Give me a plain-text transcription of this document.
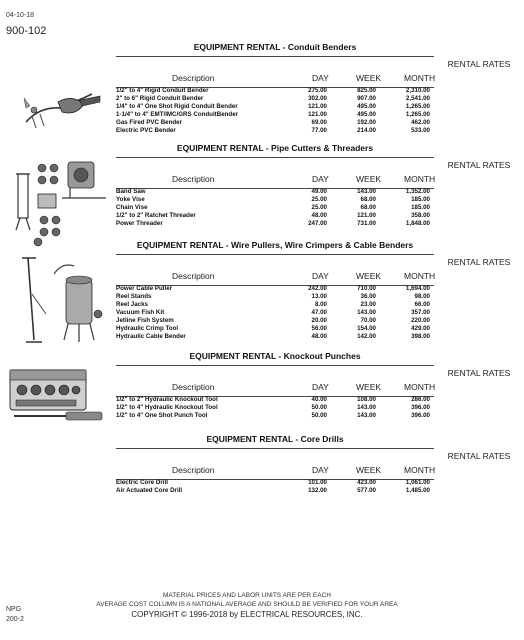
04-10-18
900-102
EQUIPMENT RENTAL - Conduit Benders
RENTAL RATES
Description	DAY	WEEK	MONTH
1/2" to 4" Rigid Conduit Bender	275.00	825.00	2,310.00
2" to 6" Rigid Conduit Bender	302.00	907.00	2,541.00
1/4" to 4" One Shot Rigid Conduit Bender	121.00	495.00	1,265.00
1-1/4" to 4" EMT/IMC/GRS ConduitBender	121.00	495.00	1,265.00
Gas Fired PVC Bender	69.00	192.00	462.00
Electric PVC Bender	77.00	214.00	533.00
EQUIPMENT RENTAL - Pipe Cutters & Threaders
RENTAL RATES
Description	DAY	WEEK	MONTH
Band Saw	49.00	143.00	1,352.00
Yoke Vise	25.00	68.00	185.00
Chain Vise	25.00	68.00	185.00
1/2" to 2" Ratchet Threader	48.00	121.00	358.00
Power Threader	247.00	731.00	1,848.00
EQUIPMENT RENTAL - Wire Pullers, Wire Crimpers & Cable Benders
RENTAL RATES
Description	DAY	WEEK	MONTH
Power Cable Puller	242.00	710.00	1,694.00
Reel Stands	13.00	36.00	98.00
Reel Jacks	8.00	23.00	66.00
Vacuum Fish Kit	47.00	143.00	357.00
Jetline Fish System	20.00	70.00	220.00
Hydraulic Crimp Tool	56.00	154.00	429.00
Hydraulic Cable Bender	48.00	142.00	398.00
EQUIPMENT RENTAL - Knockout Punches
RENTAL RATES
Description	DAY	WEEK	MONTH
1/2" to 2" Hydraulic Knockout Tool	40.00	108.00	286.00
1/2" to 4" Hydraulic Knockout Tool	50.00	143.00	396.00
1/2" to 4" One Shot Punch Tool	50.00	143.00	396.00
EQUIPMENT RENTAL - Core Drills
RENTAL RATES
Description	DAY	WEEK	MONTH
Electric Core Drill	101.00	423.00	1,061.00
Air Actuated Core Drill	132.00	577.00	1,485.00
NPG
200-2
MATERIAL PRICES AND LABOR UNITS ARE PER EACH
AVERAGE COST COLUMN IS A NATIONAL AVERAGE AND SHOULD BE VERIFIED FOR YOUR AREA
COPYRIGHT © 1996-2018 by ELECTRICAL RESOURCES, INC.
